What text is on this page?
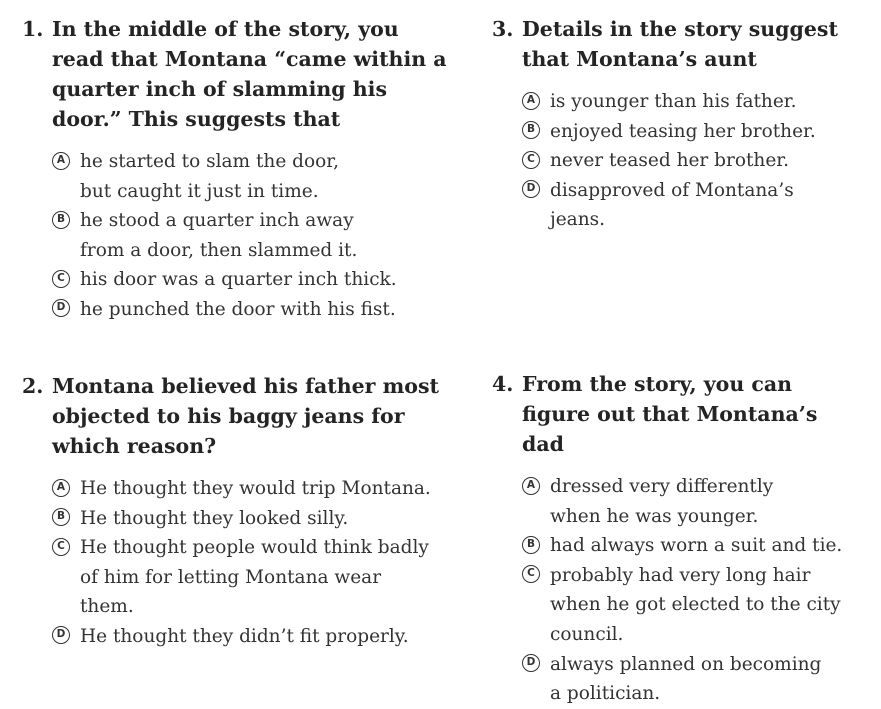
1. In the middle of the story, you read that Montana “came within a quarter inch of slamming his door.” This suggests that
A he started to slam the door, but caught it just in time.
B he stood a quarter inch away from a door, then slammed it.
C his door was a quarter inch thick.
D he punched the door with his fist.
2. Montana believed his father most objected to his baggy jeans for which reason?
A He thought they would trip Montana.
B He thought they looked silly.
C He thought people would think badly of him for letting Montana wear them.
D He thought they didn’t fit properly.
3. Details in the story suggest that Montana’s aunt
A is younger than his father.
B enjoyed teasing her brother.
C never teased her brother.
D disapproved of Montana’s jeans.
4. From the story, you can figure out that Montana’s dad
A dressed very differently when he was younger.
B had always worn a suit and tie.
C probably had very long hair when he got elected to the city council.
D always planned on becoming a politician.
